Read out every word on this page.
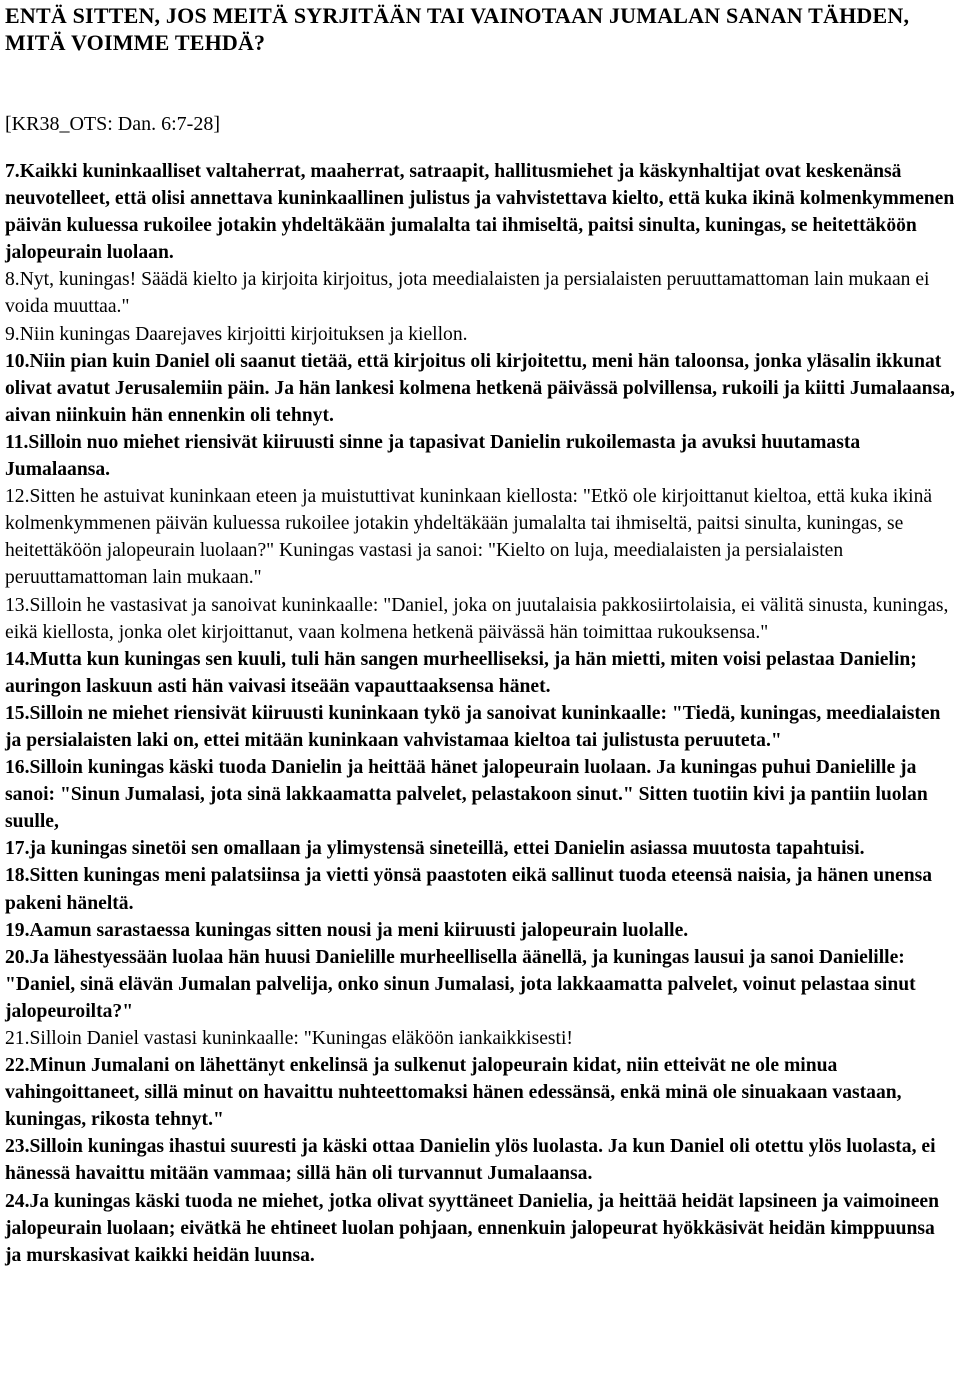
ENTÄ SITTEN, JOS MEITÄ SYRJITÄÄN TAI VAINOTAAN JUMALAN SANAN TÄHDEN, MITÄ VOIMME TEHDÄ?
[KR38_OTS: Dan. 6:7-28]

7.Kaikki kuninkaalliset valtaherrat, maaherrat, satraapit, hallitusmiehet ja käskynhaltijat ovat keskenänsä neuvotelleet, että olisi annettava kuninkaallinen julistus ja vahvistettava kielto, että kuka ikinä kolmenkymmenen päivän kuluessa rukoilee jotakin yhdeltäkään jumalalta tai ihmiseltä, paitsi sinulta, kuningas, se heitettäköön jalopeurain luolaan.

8.Nyt, kuningas! Säädä kielto ja kirjoita kirjoitus, jota meedialaisten ja persialaisten peruuttamattoman lain mukaan ei voida muuttaa."

9.Niin kuningas Daarejaves kirjoitti kirjoituksen ja kiellon.

10.Niin pian kuin Daniel oli saanut tietää, että kirjoitus oli kirjoitettu, meni hän taloonsa, jonka yläsalin ikkunat olivat avatut Jerusalemiin päin. Ja hän lankesi kolmena hetkenä päivässä polvillensa, rukoili ja kiitti Jumalaansa, aivan niinkuin hän ennenkin oli tehnyt.

11.Silloin nuo miehet riensivät kiiruusti sinne ja tapasivat Danielin rukoilemasta ja avuksi huutamasta Jumalaansa.

12.Sitten he astuivat kuninkaan eteen ja muistuttivat kuninkaan kiellosta: "Etkö ole kirjoittanut kieltoa, että kuka ikinä kolmenkymmenen päivän kuluessa rukoilee jotakin yhdeltäkään jumalalta tai ihmiseltä, paitsi sinulta, kuningas, se heitettäköön jalopeurain luolaan?" Kuningas vastasi ja sanoi: "Kielto on luja, meedialaisten ja persialaisten peruuttamattoman lain mukaan."

13.Silloin he vastasivat ja sanoivat kuninkaalle: "Daniel, joka on juutalaisia pakkosiirtolaisia, ei välitä sinusta, kuningas, eikä kiellosta, jonka olet kirjoittanut, vaan kolmena hetkenä päivässä hän toimittaa rukouksensa."

14.Mutta kun kuningas sen kuuli, tuli hän sangen murheelliseksi, ja hän mietti, miten voisi pelastaa Danielin; auringon laskuun asti hän vaivasi itseään vapauttaaksensa hänet.

15.Silloin ne miehet riensivät kiiruusti kuninkaan tykö ja sanoivat kuninkaalle: "Tiedä, kuningas, meedialaisten ja persialaisten laki on, ettei mitään kuninkaan vahvistamaa kieltoa tai julistusta peruuteta."

16.Silloin kuningas käski tuoda Danielin ja heittää hänet jalopeurain luolaan. Ja kuningas puhui Danielille ja sanoi: "Sinun Jumalasi, jota sinä lakkaamatta palvelet, pelastakoon sinut." Sitten tuotiin kivi ja pantiin luolan suulle,

17.ja kuningas sinetöi sen omallaan ja ylimystensä sineteillä, ettei Danielin asiassa muutosta tapahtuisi.

18.Sitten kuningas meni palatsiinsa ja vietti yönsä paastoten eikä sallinut tuoda eteensä naisia, ja hänen unensa pakeni häneltä.

19.Aamun sarastaessa kuningas sitten nousi ja meni kiiruusti jalopeurain luolalle.

20.Ja lähestyessään luolaa hän huusi Danielille murheellisella äänellä, ja kuningas lausui ja sanoi Danielille: "Daniel, sinä elävän Jumalan palvelija, onko sinun Jumalasi, jota lakkaamatta palvelet, voinut pelastaa sinut jalopeuroilta?"

21.Silloin Daniel vastasi kuninkaalle: "Kuningas eläköön iankaikkisesti!

22.Minun Jumalani on lähettänyt enkelinsä ja sulkenut jalopeurain kidat, niin etteivät ne ole minua vahingoittaneet, sillä minut on havaittu nuhteettomaksi hänen edessänsä, enkä minä ole sinuakaan vastaan, kuningas, rikosta tehnyt."

23.Silloin kuningas ihastui suuresti ja käski ottaa Danielin ylös luolasta. Ja kun Daniel oli otettu ylös luolasta, ei hänessä havaittu mitään vammaa; sillä hän oli turvannut Jumalaansa.

24.Ja kuningas käski tuoda ne miehet, jotka olivat syyttäneet Danielia, ja heittää heidät lapsineen ja vaimoineen jalopeurain luolaan; eivätkä he ehtineet luolan pohjaan, ennenkuin jalopeurat hyökkäsivät heidän kimppuunsa ja murskasivat kaikki heidän luunsa.
